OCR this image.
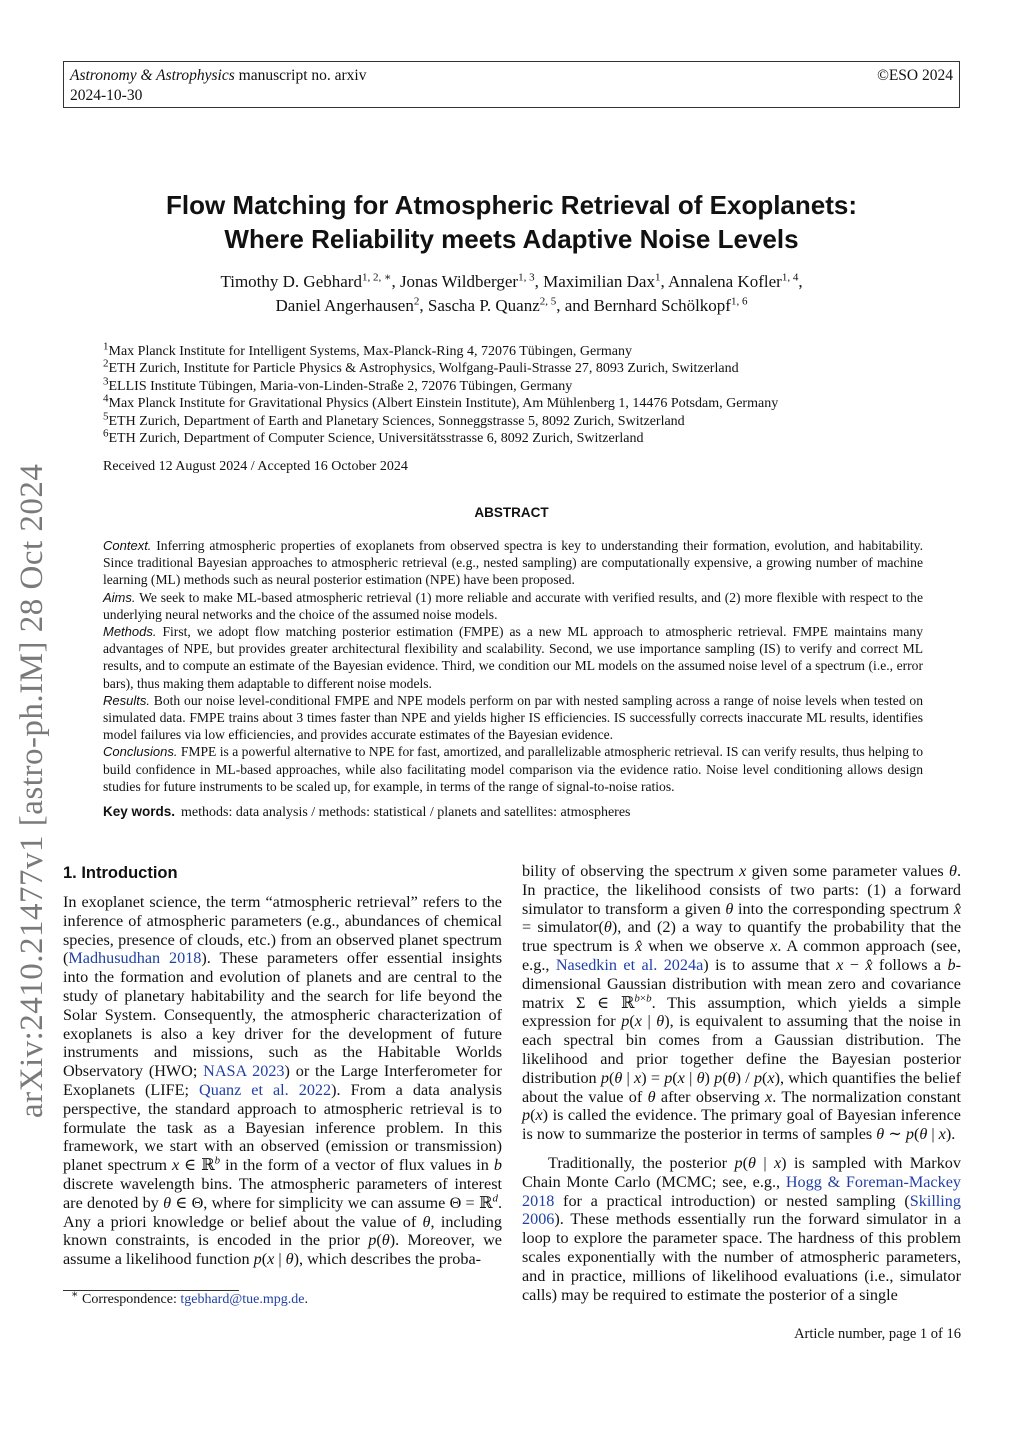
Astronomy & Astrophysics manuscript no. arxiv
2024-10-30
©ESO 2024
arXiv:2410.21477v1 [astro-ph.IM] 28 Oct 2024
Flow Matching for Atmospheric Retrieval of Exoplanets:
Where Reliability meets Adaptive Noise Levels
Timothy D. Gebhard$^{1, 2, ∗}$, Jonas Wildberger$^{1, 3}$, Maximilian Dax$^1$, Annalena Kofler$^{1, 4}$,
Daniel Angerhausen$^2$, Sascha P. Quanz$^{2, 5}$, and Bernhard Schölkopf$^{1, 6}$
$^1$Max Planck Institute for Intelligent Systems, Max-Planck-Ring 4, 72076 Tübingen, Germany
$^2$ETH Zurich, Institute for Particle Physics & Astrophysics, Wolfgang-Pauli-Strasse 27, 8093 Zurich, Switzerland
$^3$ELLIS Institute Tübingen, Maria-von-Linden-Straße 2, 72076 Tübingen, Germany
$^4$Max Planck Institute for Gravitational Physics (Albert Einstein Institute), Am Mühlenberg 1, 14476 Potsdam, Germany
$^5$ETH Zurich, Department of Earth and Planetary Sciences, Sonneggstrasse 5, 8092 Zurich, Switzerland
$^6$ETH Zurich, Department of Computer Science, Universitätsstrasse 6, 8092 Zurich, Switzerland
Received 12 August 2024 / Accepted 16 October 2024
ABSTRACT

Context. Inferring atmospheric properties of exoplanets from observed spectra is key to understanding their formation, evolution, and habitability. Since traditional Bayesian approaches to atmospheric retrieval (e.g., nested sampling) are computationally expensive, a growing number of machine learning (ML) methods such as neural posterior estimation (NPE) have been proposed.

Aims. We seek to make ML-based atmospheric retrieval (1) more reliable and accurate with verified results, and (2) more flexible with respect to the underlying neural networks and the choice of the assumed noise models.

Methods. First, we adopt flow matching posterior estimation (FMPE) as a new ML approach to atmospheric retrieval. FMPE maintains many advantages of NPE, but provides greater architectural flexibility and scalability. Second, we use importance sampling (IS) to verify and correct ML results, and to compute an estimate of the Bayesian evidence. Third, we condition our ML models on the assumed noise level of a spectrum (i.e., error bars), thus making them adaptable to different noise models.

Results. Both our noise level-conditional FMPE and NPE models perform on par with nested sampling across a range of noise levels when tested on simulated data. FMPE trains about 3 times faster than NPE and yields higher IS efficiencies. IS successfully corrects inaccurate ML results, identifies model failures via low efficiencies, and provides accurate estimates of the Bayesian evidence.

Conclusions. FMPE is a powerful alternative to NPE for fast, amortized, and parallelizable atmospheric retrieval. IS can verify results, thus helping to build confidence in ML-based approaches, while also facilitating model comparison via the evidence ratio. Noise level conditioning allows design studies for future instruments to be scaled up, for example, in terms of the range of signal-to-noise ratios.

Key words. methods: data analysis / methods: statistical / planets and satellites: atmospheres
1. Introduction

In exoplanet science, the term “atmospheric retrieval” refers to the inference of atmospheric parameters (e.g., abundances of chemical species, presence of clouds, etc.) from an observed planet spectrum (Madhusudhan 2018). These parameters offer essential insights into the formation and evolution of planets and are central to the study of planetary habitability and the search for life beyond the Solar System. Consequently, the atmospheric characterization of exoplanets is also a key driver for the development of future instruments and missions, such as the Habitable Worlds Observatory (HWO; NASA 2023) or the Large Interferometer for Exoplanets (LIFE; Quanz et al. 2022). From a data analysis perspective, the standard approach to atmospheric retrieval is to formulate the task as a Bayesian inference problem. In this framework, we start with an observed (emission or transmission) planet spectrum x ∈ ℝ$^b$ in the form of a vector of flux values in b discrete wavelength bins. The atmospheric parameters of interest are denoted by θ ∈ Θ, where for simplicity we can assume Θ = ℝ$^d$. Any a priori knowledge or belief about the value of θ, including known constraints, is encoded in the prior p(θ). Moreover, we assume a likelihood function p(x | θ), which describes the proba-

bility of observing the spectrum x given some parameter values θ. In practice, the likelihood consists of two parts: (1) a forward simulator to transform a given θ into the corresponding spectrum x̂ = simulator(θ), and (2) a way to quantify the probability that the true spectrum is x̂ when we observe x. A common approach (see, e.g., Nasedkin et al. 2024a) is to assume that x − x̂ follows a b-dimensional Gaussian distribution with mean zero and covariance matrix Σ ∈ ℝ$^{b\times b}$. This assumption, which yields a simple expression for p(x | θ), is equivalent to assuming that the noise in each spectral bin comes from a Gaussian distribution. The likelihood and prior together define the Bayesian posterior distribution p(θ | x) = p(x | θ) p(θ) / p(x), which quantifies the belief about the value of θ after observing x. The normalization constant p(x) is called the evidence. The primary goal of Bayesian inference is now to summarize the posterior in terms of samples θ ∼ p(θ | x).

Traditionally, the posterior p(θ | x) is sampled with Markov Chain Monte Carlo (MCMC; see, e.g., Hogg & Foreman-Mackey 2018 for a practical introduction) or nested sampling (Skilling 2006). These methods essentially run the forward simulator in a loop to explore the parameter space. The hardness of this problem scales exponentially with the number of atmospheric parameters, and in practice, millions of likelihood evaluations (i.e., simulator calls) may be required to estimate the posterior of a single

∗ Correspondence: tgebhard@tue.mpg.de.
Article number, page 1 of 16
